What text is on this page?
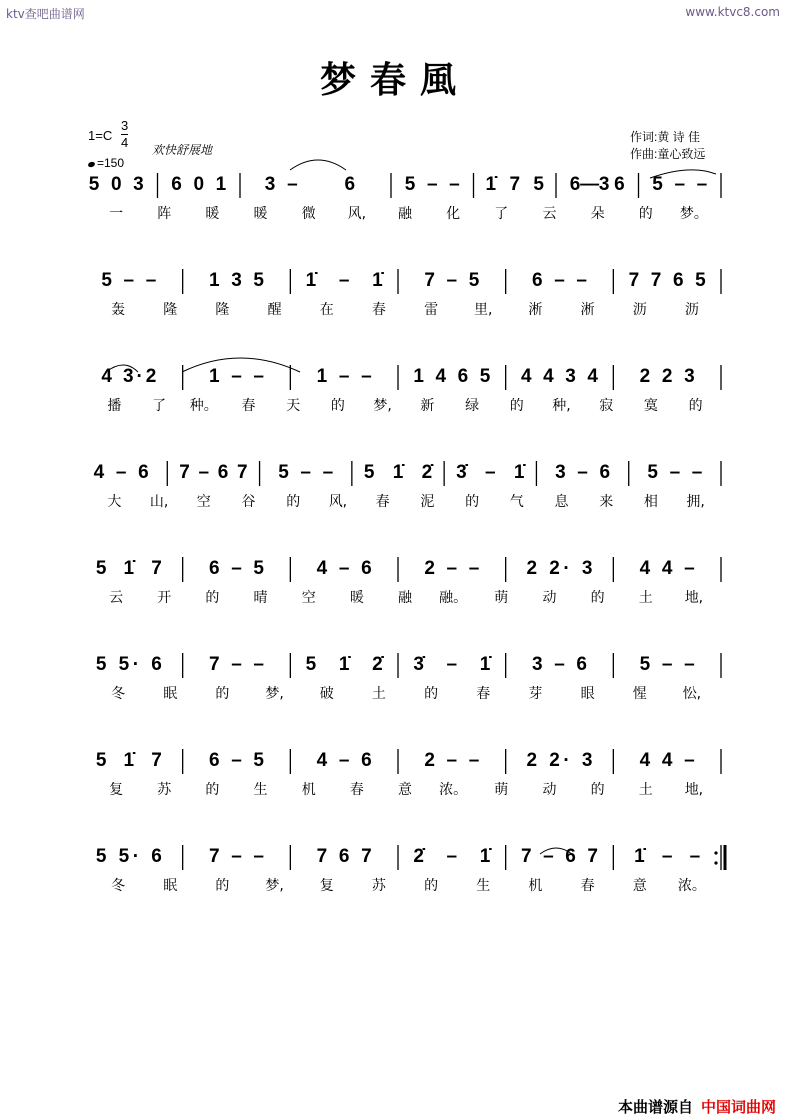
ktv查吧曲谱网	www.ktvc8.com
梦春風
$1=C \frac{3}{4}$ 欢快舒展地
=150
作词:黄 诗 佳
作曲:童心致远
5 0 3 6 0 1 3 – 6	5 – – 1̇ 7 5 6—3 6 5 – –
一 阵 暖 暖 微 风, 融 化 了 云 朵 的 梦。
5 – –	1 3 5 1̇ – 1̇ 7 – 5	6 – – 7 7 6 5
轰	隆	隆	醒	在	春	雷	里,	淅	淅	沥	沥
4 3·2	1 – –	1 – – 1 4 6 5 4 4 3 4 2 2 3
播 了 种。 春 天 的 梦, 新 绿 的 种, 寂 寞 的
4 – 6 7 – 6 7 5 – – 5 1̇ 2̇ 3̇ – 1̇ 3 – 6 5 – –
大 山, 空 谷 的 风, 春 泥 的 气 息 来 相 拥,
5 1̇ 7 6 – 5	4 – 6	2 – – 2 2· 3 4 4 –
云 开 的 晴 空 暖 融 融。 萌 动 的 土 地,
5 5· 6 7 – – 5 1̇ 2̇ 3̇ – 1̇ 3 – 6	5 – –
冬	眠	的	梦,	破	土	的	春	芽	眼	惺	忪,
5 1̇ 7 6 – 5	4 – 6	2 – – 2 2· 3 4 4 –
复 苏 的 生 机 春 意 浓。 萌 动 的 土 地,
5 5· 6 7 – –	7 6 7 2̇ – 1̇ 7 – 6 7 1̇ – –
冬	眠	的	梦,	复	苏	的	生	机	春	意 浓。
本曲谱源自 中国词曲网
